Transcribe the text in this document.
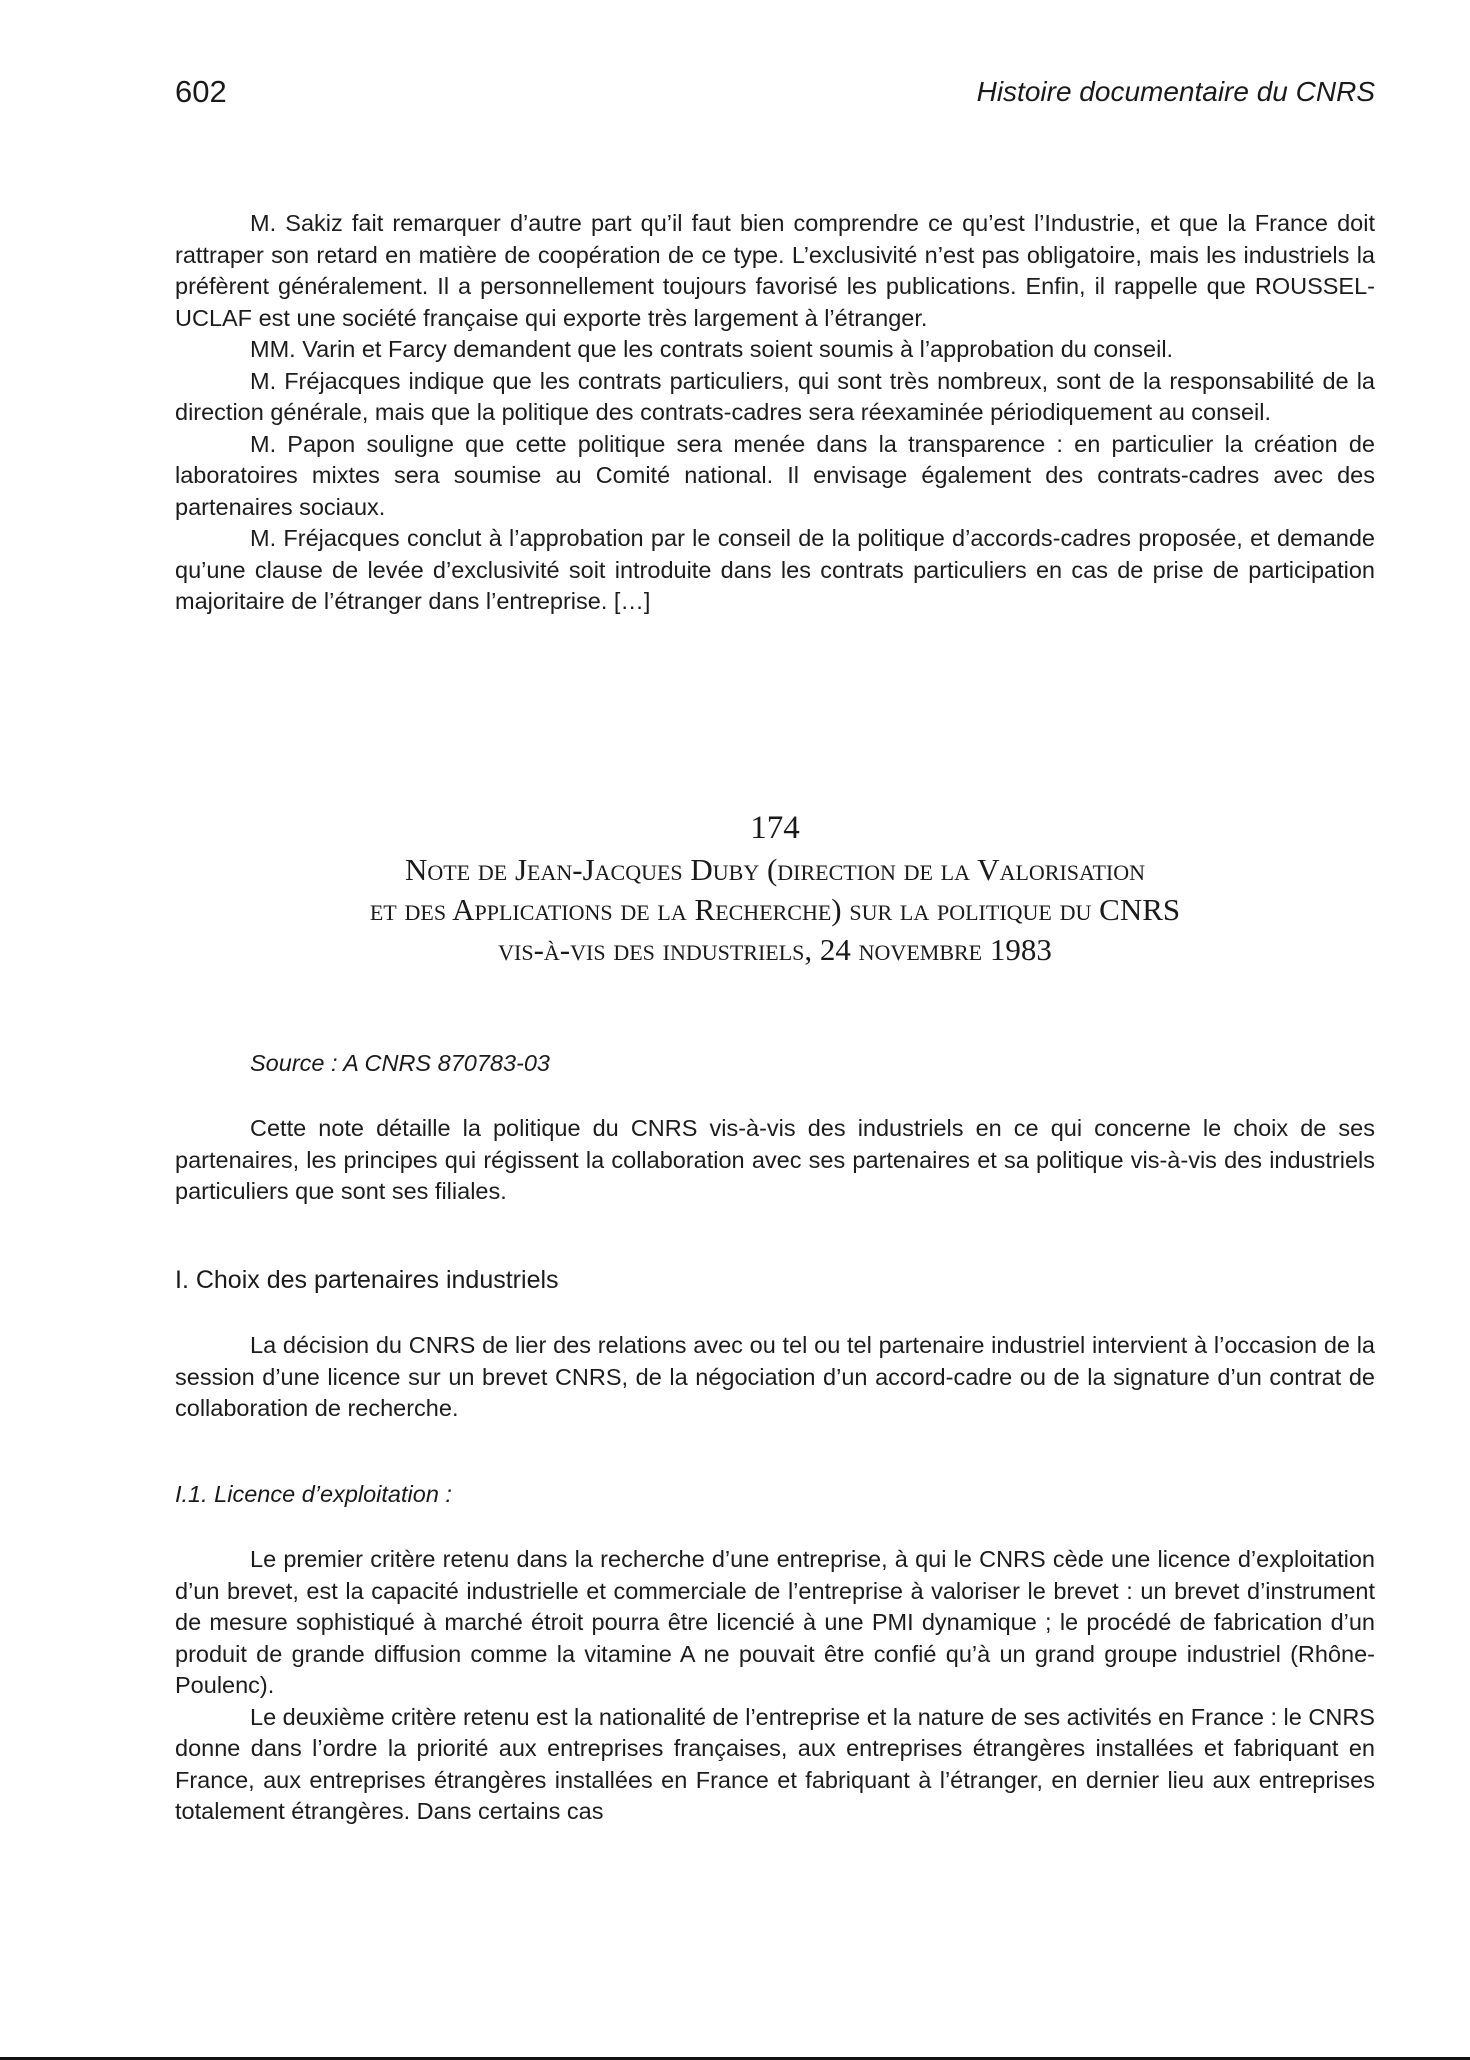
602	Histoire documentaire du CNRS

M. Sakiz fait remarquer d’autre part qu’il faut bien comprendre ce qu’est l’Industrie, et que la France doit rattraper son retard en matière de coopération de ce type. L’exclusivité n’est pas obligatoire, mais les industriels la préfèrent généralement. Il a personnellement toujours favorisé les publications. Enfin, il rappelle que ROUSSEL-UCLAF est une société française qui exporte très largement à l’étranger.

MM. Varin et Farcy demandent que les contrats soient soumis à l’approbation du conseil.

M. Fréjacques indique que les contrats particuliers, qui sont très nombreux, sont de la responsabilité de la direction générale, mais que la politique des contrats-cadres sera réexaminée périodiquement au conseil.

M. Papon souligne que cette politique sera menée dans la transparence : en particulier la création de laboratoires mixtes sera soumise au Comité national. Il envisage également des contrats-cadres avec des partenaires sociaux.

M. Fréjacques conclut à l’approbation par le conseil de la politique d’accords-cadres proposée, et demande qu’une clause de levée d’exclusivité soit introduite dans les contrats particuliers en cas de prise de participation majoritaire de l’étranger dans l’entreprise. […]

174
Note de Jean-Jacques Duby (direction de la Valorisation
et des Applications de la Recherche) sur la politique du CNRS
vis-à-vis des industriels, 24 novembre 1983
Source : A CNRS 870783-03

Cette note détaille la politique du CNRS vis-à-vis des industriels en ce qui concerne le choix de ses partenaires, les principes qui régissent la collaboration avec ses partenaires et sa politique vis-à-vis des industriels particuliers que sont ses filiales.

I. Choix des partenaires industriels

La décision du CNRS de lier des relations avec ou tel ou tel partenaire industriel intervient à l’occasion de la session d’une licence sur un brevet CNRS, de la négociation d’un accord-cadre ou de la signature d’un contrat de collaboration de recherche.

I.1. Licence d’exploitation :

Le premier critère retenu dans la recherche d’une entreprise, à qui le CNRS cède une licence d’exploitation d’un brevet, est la capacité industrielle et commerciale de l’entreprise à valoriser le brevet : un brevet d’instrument de mesure sophistiqué à marché étroit pourra être licencié à une PMI dynamique ; le procédé de fabrication d’un produit de grande diffusion comme la vitamine A ne pouvait être confié qu’à un grand groupe industriel (Rhône-Poulenc).

Le deuxième critère retenu est la nationalité de l’entreprise et la nature de ses activités en France : le CNRS donne dans l’ordre la priorité aux entreprises françaises, aux entreprises étrangères installées et fabriquant en France, aux entreprises étrangères installées en France et fabriquant à l’étranger, en dernier lieu aux entreprises totalement étrangères. Dans certains cas
